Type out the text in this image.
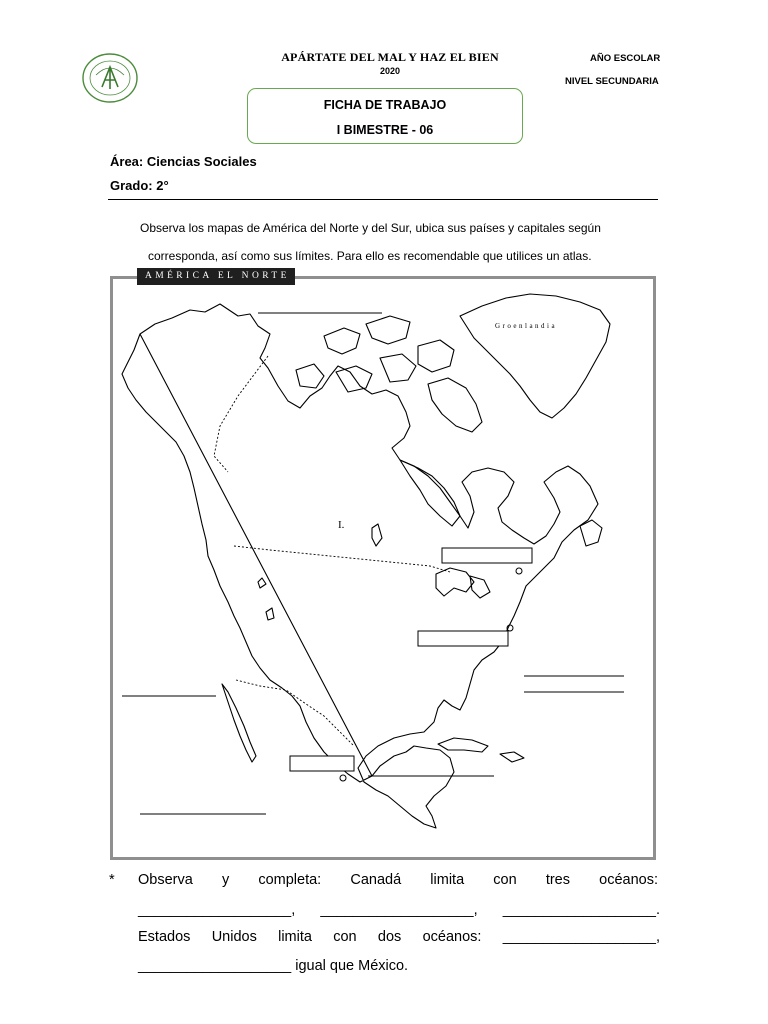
APÁRTATE DEL MAL Y HAZ EL BIEN
2020
AÑO ESCOLAR
NIVEL SECUNDARIA
FICHA DE TRABAJO
I BIMESTRE - 06
Área: Ciencias Sociales
Grado: 2°
Observa los mapas de América del Norte y del Sur, ubica sus países y capitales según
corresponda, así como sus límites. Para ello es recomendable que utilices un atlas.
I.
AMÉRICA EL NORTE
Groenlandia
* Observa y completa: Canadá limita con tres océanos:
___________________, ___________________, ___________________.
Estados Unidos limita con dos océanos: ___________________,
___________________ igual que México.
